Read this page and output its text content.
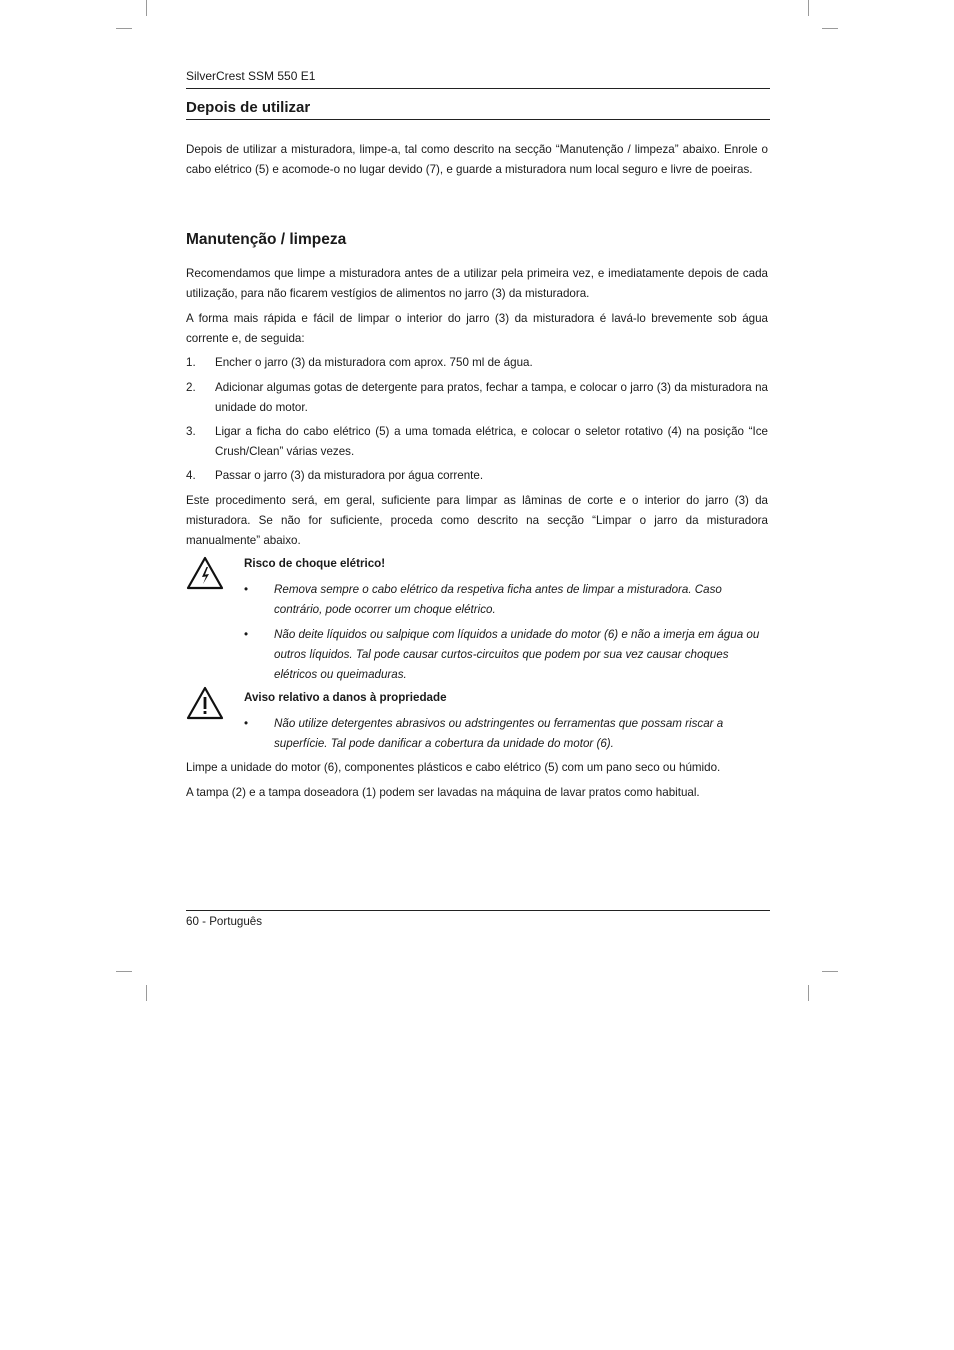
SilverCrest SSM 550 E1
Depois de utilizar
Depois de utilizar a misturadora, limpe-a, tal como descrito na secção “Manutenção / limpeza” abaixo. Enrole o cabo elétrico (5) e acomode-o no lugar devido (7), e guarde a misturadora num local seguro e livre de poeiras.
Manutenção / limpeza
Recomendamos que limpe a misturadora antes de a utilizar pela primeira vez, e imediatamente depois de cada utilização, para não ficarem vestígios de alimentos no jarro (3) da misturadora.
A forma mais rápida e fácil de limpar o interior do jarro (3) da misturadora é lavá-lo brevemente sob água corrente e, de seguida:
1.	Encher o jarro (3) da misturadora com aprox. 750 ml de água.
2.	Adicionar algumas gotas de detergente para pratos, fechar a tampa, e colocar o jarro (3) da misturadora na unidade do motor.
3.	Ligar a ficha do cabo elétrico (5) a uma tomada elétrica, e colocar o seletor rotativo (4) na posição “Ice Crush/Clean” várias vezes.
4.	Passar o jarro (3) da misturadora por água corrente.
Este procedimento será, em geral, suficiente para limpar as lâminas de corte e o interior do jarro (3) da misturadora. Se não for suficiente, proceda como descrito na secção “Limpar o jarro da misturadora manualmente” abaixo.
Risco de choque elétrico!
• Remova sempre o cabo elétrico da respetiva ficha antes de limpar a misturadora. Caso contrário, pode ocorrer um choque elétrico.
• Não deite líquidos ou salpique com líquidos a unidade do motor (6) e não a imerja em água ou outros líquidos. Tal pode causar curtos-circuitos que podem por sua vez causar choques elétricos ou queimaduras.
Aviso relativo a danos à propriedade
• Não utilize detergentes abrasivos ou adstringentes ou ferramentas que possam riscar a superfície. Tal pode danificar a cobertura da unidade do motor (6).
Limpe a unidade do motor (6), componentes plásticos e cabo elétrico (5) com um pano seco ou húmido.
A tampa (2) e a tampa doseadora (1) podem ser lavadas na máquina de lavar pratos como habitual.
60 - Português
